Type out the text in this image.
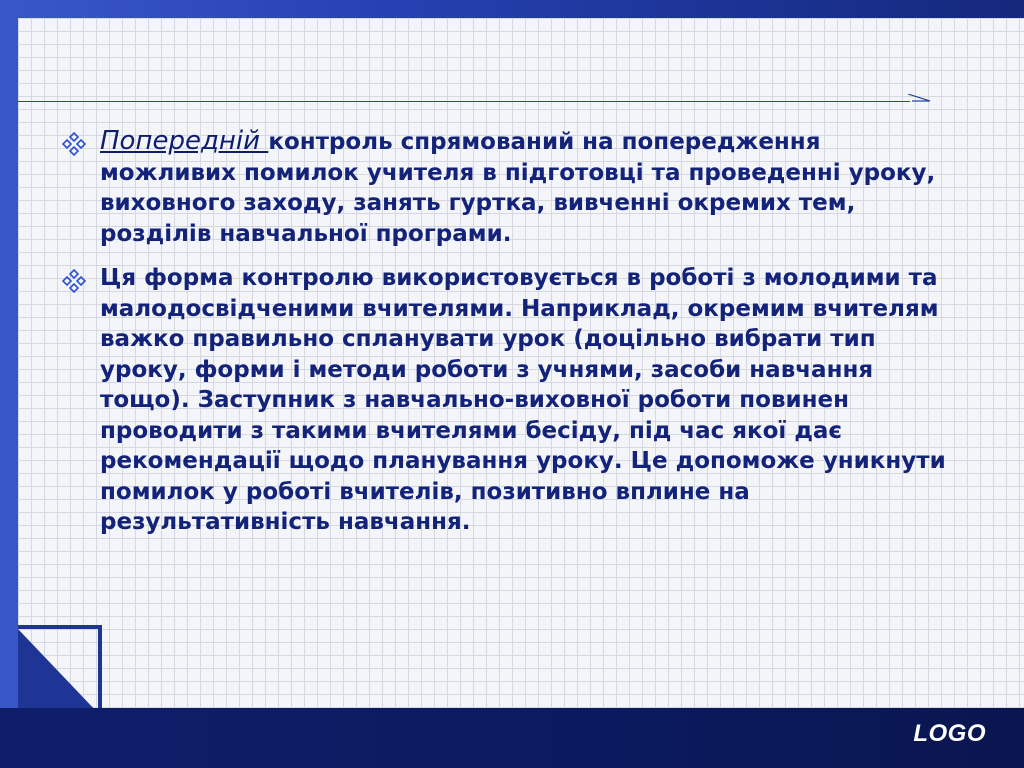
Попередній контроль спрямований на попередження можливих помилок учителя в підготовці та проведенні уроку, виховного заходу, занять гуртка, вивченні окремих тем, розділів навчальної програми.
Ця форма контролю використовується в роботі з молодими та малодосвідченими вчителями. Наприклад, окремим вчителям важко правильно спланувати урок (доцільно вибрати тип уроку, форми і методи роботи з учнями, засоби навчання тощо). Заступник з навчально-виховної роботи повинен проводити з такими вчителями бесіду, під час якої дає рекомендації щодо планування уроку. Це допоможе уникнути помилок у роботі вчителів, позитивно вплине на результативність навчання.
LOGO
